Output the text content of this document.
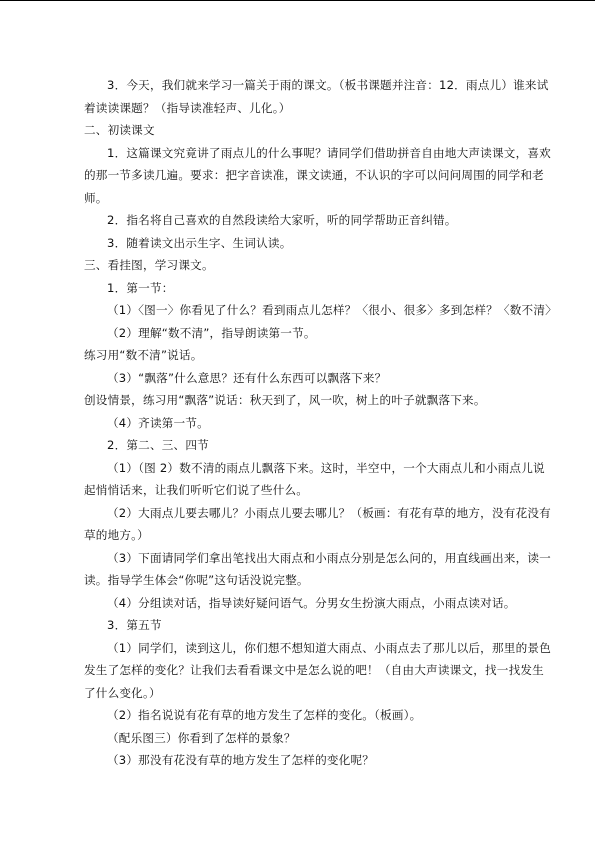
3．今天，我们就来学习一篇关于雨的课文。（板书课题并注音：12．雨点儿）谁来试着读读课题？（指导读准轻声、儿化。）

二、初读课文

1．这篇课文究竟讲了雨点儿的什么事呢？请同学们借助拼音自由地大声读课文，喜欢的那一节多读几遍。要求：把字音读准，课文读通，不认识的字可以问问周围的同学和老师。

2．指名将自己喜欢的自然段读给大家听，听的同学帮助正音纠错。

3．随着读文出示生字、生词认读。

三、看挂图，学习课文。

1．第一节：

（1）〈图一〉你看见了什么？看到雨点儿怎样？〈很小、很多〉多到怎样？〈数不清〉

（2）理解“数不清”，指导朗读第一节。

练习用“数不清”说话。

（3）“飘落”什么意思？还有什么东西可以飘落下来？

创设情景，练习用“飘落”说话：秋天到了，风一吹，树上的叶子就飘落下来。

（4）齐读第一节。

2．第二、三、四节

（1）（图 2）数不清的雨点儿飘落下来。这时，半空中，一个大雨点儿和小雨点儿说起悄悄话来，让我们听听它们说了些什么。

（2）大雨点儿要去哪儿？小雨点儿要去哪儿？（板画：有花有草的地方，没有花没有草的地方。）

（3）下面请同学们拿出笔找出大雨点和小雨点分别是怎么问的，用直线画出来，读一读。指导学生体会“你呢”这句话没说完整。

（4）分组读对话，指导读好疑问语气。分男女生扮演大雨点，小雨点读对话。

3．第五节

（1）同学们，读到这儿，你们想不想知道大雨点、小雨点去了那儿以后，那里的景色发生了怎样的变化？让我们去看看课文中是怎么说的吧！（自由大声读课文，找一找发生了什么变化。）

（2）指名说说有花有草的地方发生了怎样的变化。（板画）。

（配乐图三）你看到了怎样的景象？

（3）那没有花没有草的地方发生了怎样的变化呢？
